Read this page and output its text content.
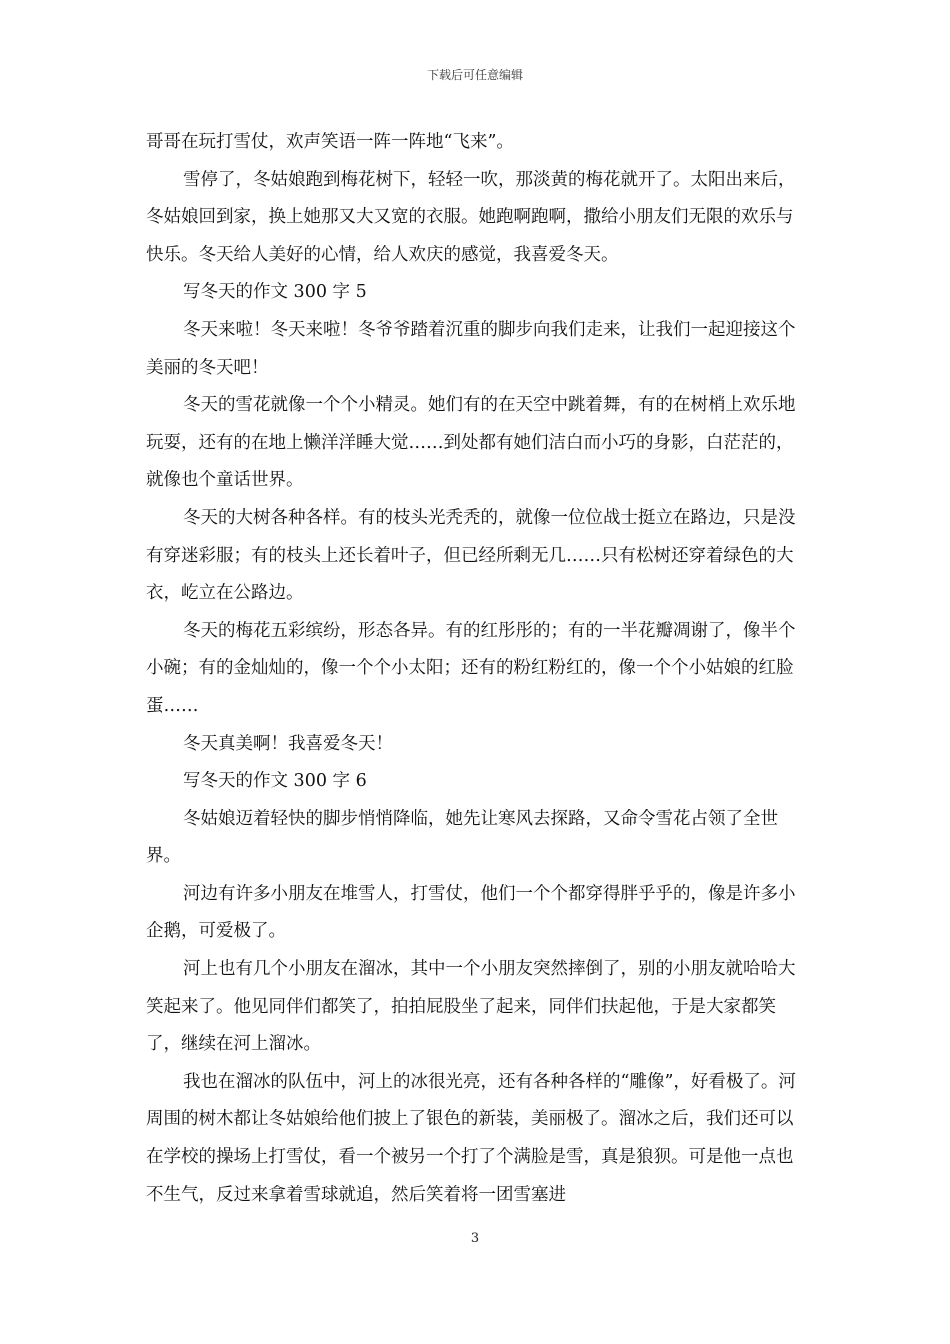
下载后可任意编辑

哥哥在玩打雪仗，欢声笑语一阵一阵地“飞来”。

雪停了，冬姑娘跑到梅花树下，轻轻一吹，那淡黄的梅花就开了。太阳出来后，冬姑娘回到家，换上她那又大又宽的衣服。她跑啊跑啊，撒给小朋友们无限的欢乐与快乐。冬天给人美好的心情，给人欢庆的感觉，我喜爱冬天。

写冬天的作文 300 字 5

冬天来啦！冬天来啦！冬爷爷踏着沉重的脚步向我们走来，让我们一起迎接这个美丽的冬天吧！

冬天的雪花就像一个个小精灵。她们有的在天空中跳着舞，有的在树梢上欢乐地玩耍，还有的在地上懒洋洋睡大觉……到处都有她们洁白而小巧的身影，白茫茫的，就像也个童话世界。

冬天的大树各种各样。有的枝头光秃秃的，就像一位位战士挺立在路边，只是没有穿迷彩服；有的枝头上还长着叶子，但已经所剩无几……只有松树还穿着绿色的大衣，屹立在公路边。

冬天的梅花五彩缤纷，形态各异。有的红彤彤的；有的一半花瓣凋谢了，像半个小碗；有的金灿灿的，像一个个小太阳；还有的粉红粉红的，像一个个小姑娘的红脸蛋……

冬天真美啊！我喜爱冬天！

写冬天的作文 300 字 6

冬姑娘迈着轻快的脚步悄悄降临，她先让寒风去探路，又命令雪花占领了全世界。

河边有许多小朋友在堆雪人，打雪仗，他们一个个都穿得胖乎乎的，像是许多小企鹅，可爱极了。

河上也有几个小朋友在溜冰，其中一个小朋友突然摔倒了，别的小朋友就哈哈大笑起来了。他见同伴们都笑了，拍拍屁股坐了起来，同伴们扶起他，于是大家都笑了，继续在河上溜冰。

我也在溜冰的队伍中，河上的冰很光亮，还有各种各样的“雕像”，好看极了。河周围的树木都让冬姑娘给他们披上了银色的新装，美丽极了。溜冰之后，我们还可以在学校的操场上打雪仗，看一个被另一个打了个满脸是雪，真是狼狈。可是他一点也不生气，反过来拿着雪球就追，然后笑着将一团雪塞进

3
